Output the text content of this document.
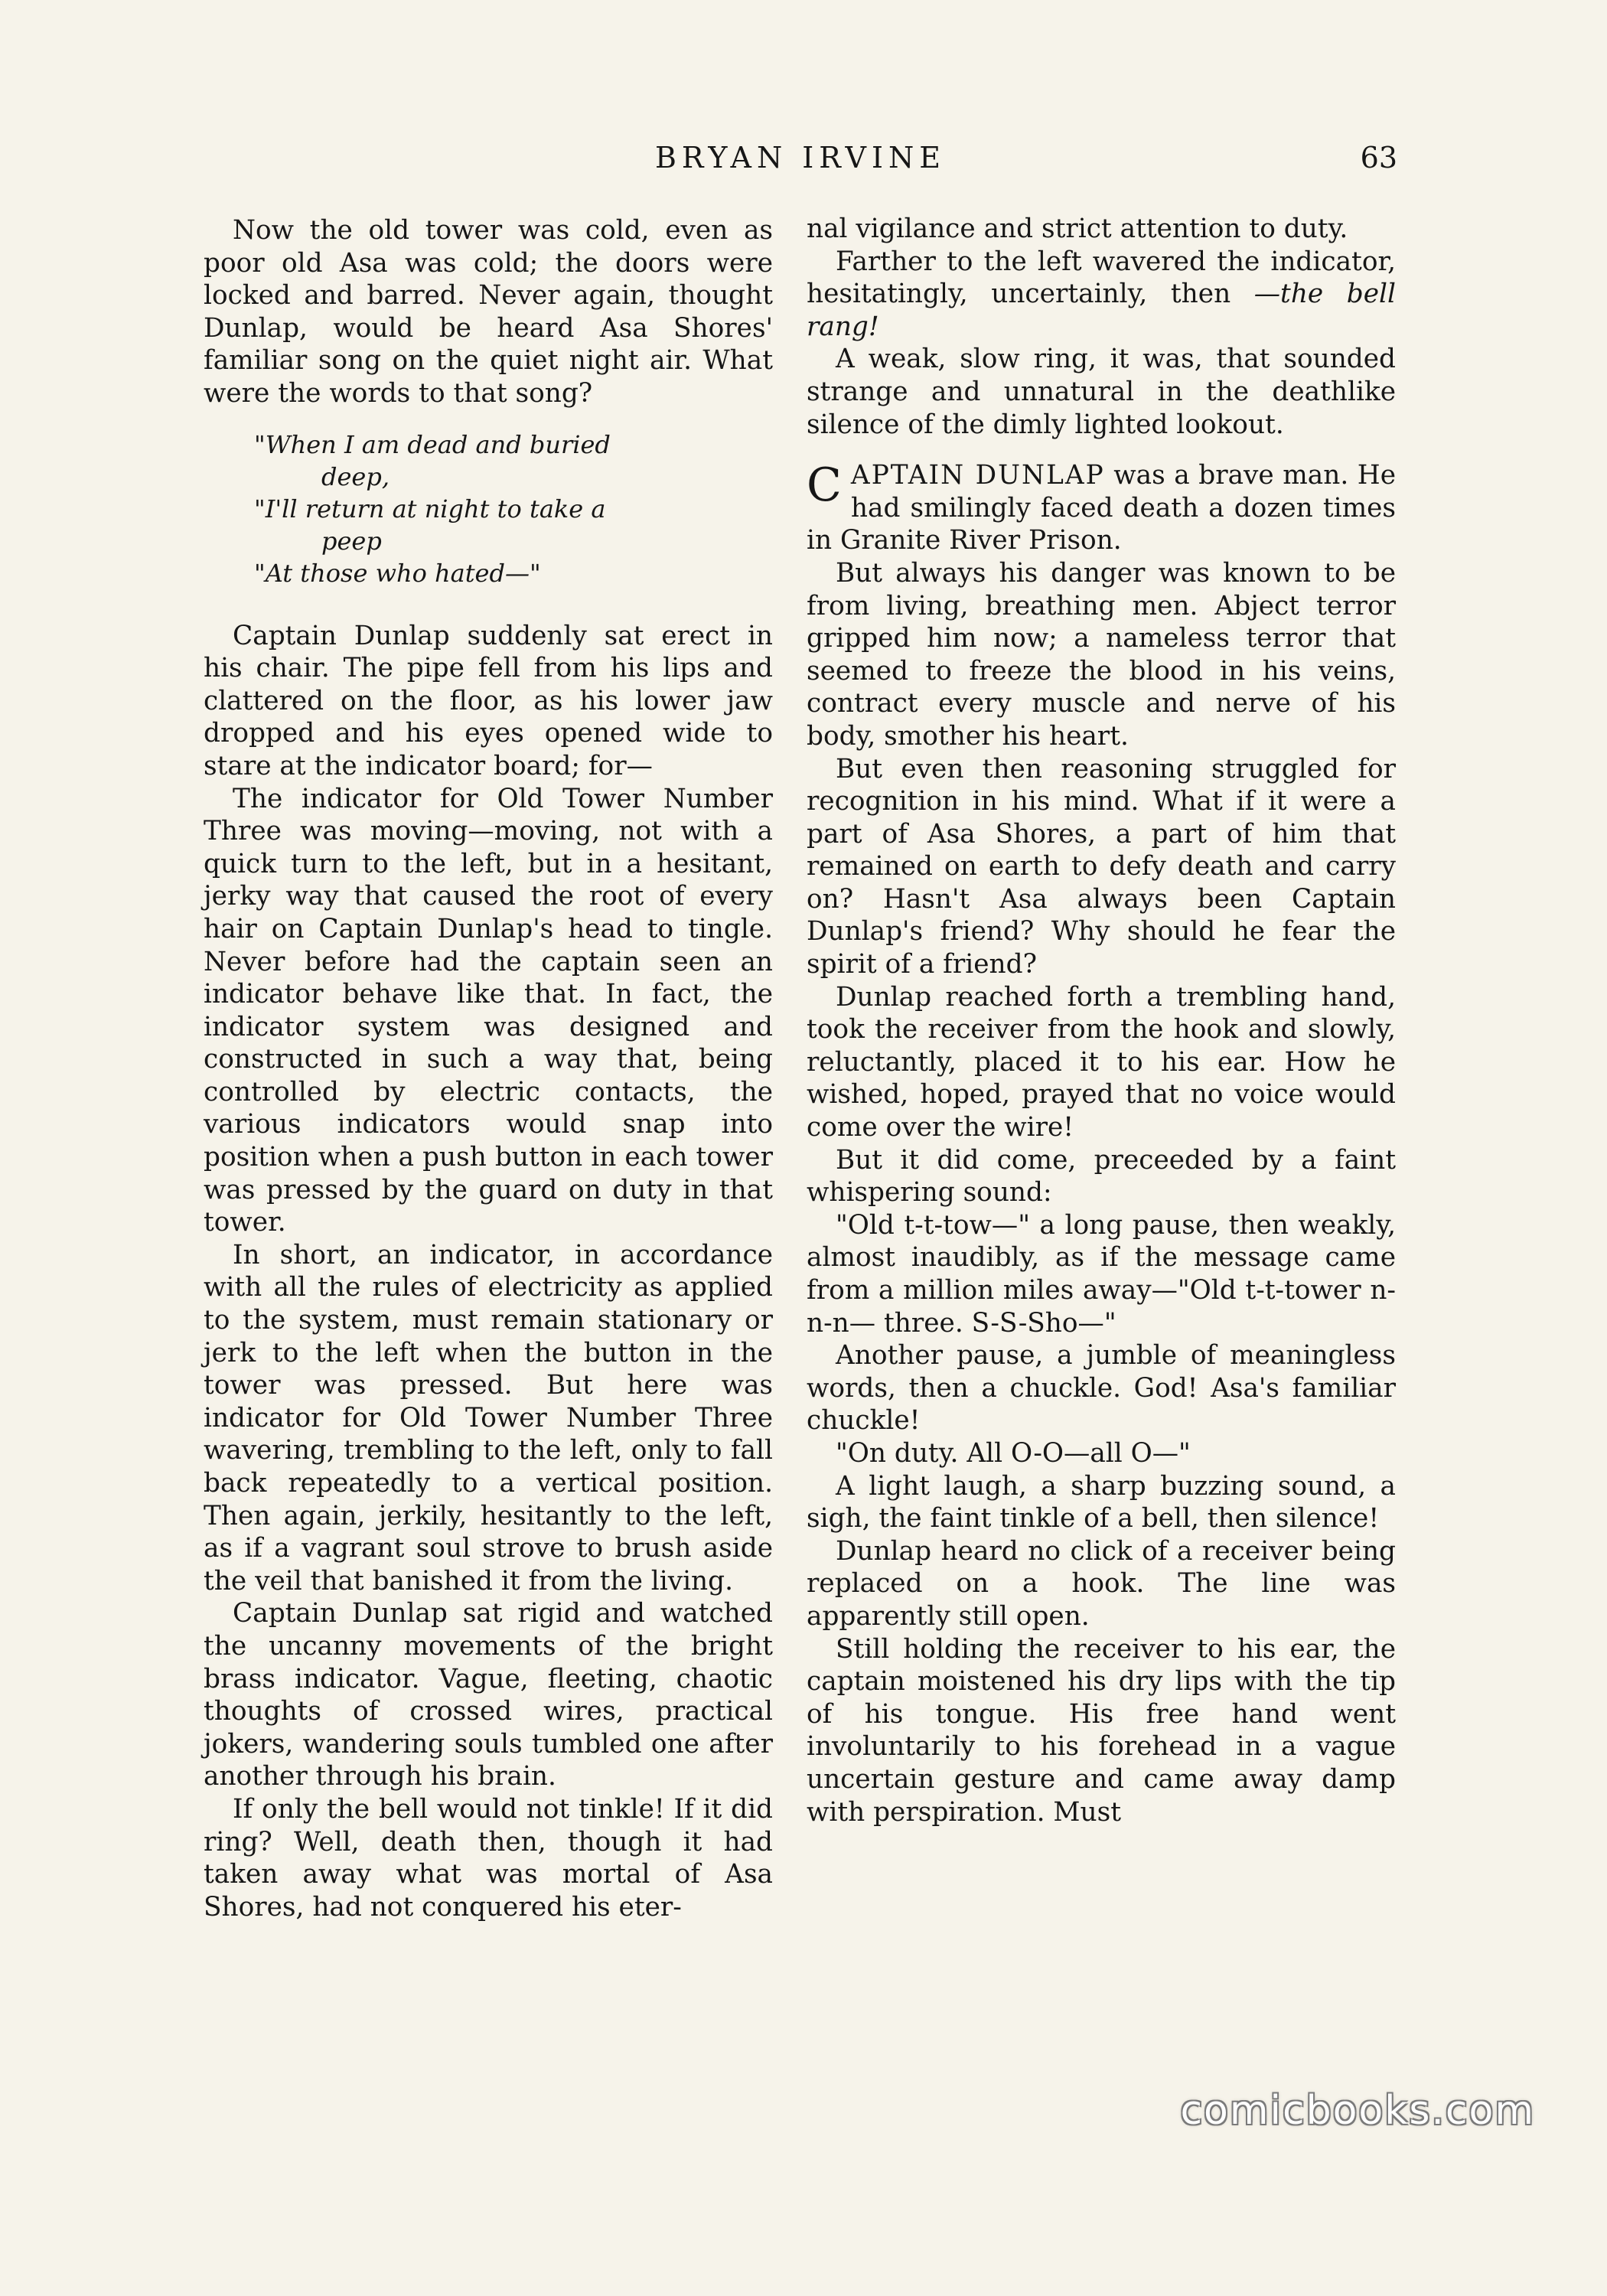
BRYAN IRVINE	63

Now the old tower was cold, even as poor old Asa was cold; the doors were locked and barred. Never again, thought Dunlap, would be heard Asa Shores' familiar song on the quiet night air. What were the words to that song?

"When I am dead and buried
deep,
"I'll return at night to take a
peep
"At those who hated—"

Captain Dunlap suddenly sat erect in his chair. The pipe fell from his lips and clattered on the floor, as his lower jaw dropped and his eyes opened wide to stare at the indicator board; for—

The indicator for Old Tower Number Three was moving—moving, not with a quick turn to the left, but in a hesitant, jerky way that caused the root of every hair on Captain Dunlap's head to tingle. Never before had the captain seen an indicator behave like that. In fact, the indicator system was designed and constructed in such a way that, being controlled by electric contacts, the various indicators would snap into position when a push button in each tower was pressed by the guard on duty in that tower.

In short, an indicator, in accordance with all the rules of electricity as applied to the system, must remain stationary or jerk to the left when the button in the tower was pressed. But here was indicator for Old Tower Number Three wavering, trembling to the left, only to fall back repeatedly to a vertical position. Then again, jerkily, hesitantly to the left, as if a vagrant soul strove to brush aside the veil that banished it from the living.

Captain Dunlap sat rigid and watched the uncanny movements of the bright brass indicator. Vague, fleeting, chaotic thoughts of crossed wires, practical jokers, wandering souls tumbled one after another through his brain.

If only the bell would not tinkle! If it did ring? Well, death then, though it had taken away what was mortal of Asa Shores, had not conquered his eter-

nal vigilance and strict attention to duty.

Farther to the left wavered the indicator, hesitatingly, uncertainly, then —the bell rang!

A weak, slow ring, it was, that sounded strange and unnatural in the deathlike silence of the dimly lighted lookout.

CAPTAIN DUNLAP was a brave man. He had smilingly faced death a dozen times in Granite River Prison.

But always his danger was known to be from living, breathing men. Abject terror gripped him now; a nameless terror that seemed to freeze the blood in his veins, contract every muscle and nerve of his body, smother his heart.

But even then reasoning struggled for recognition in his mind. What if it were a part of Asa Shores, a part of him that remained on earth to defy death and carry on? Hasn't Asa always been Captain Dunlap's friend? Why should he fear the spirit of a friend?

Dunlap reached forth a trembling hand, took the receiver from the hook and slowly, reluctantly, placed it to his ear. How he wished, hoped, prayed that no voice would come over the wire!

But it did come, preceeded by a faint whispering sound:

"Old t-t-tow—" a long pause, then weakly, almost inaudibly, as if the message came from a million miles away—"Old t-t-tower n-n-n— three. S-S-Sho—"

Another pause, a jumble of meaningless words, then a chuckle. God! Asa's familiar chuckle!

"On duty. All O-O—all O—"

A light laugh, a sharp buzzing sound, a sigh, the faint tinkle of a bell, then silence!

Dunlap heard no click of a receiver being replaced on a hook. The line was apparently still open.

Still holding the receiver to his ear, the captain moistened his dry lips with the tip of his tongue. His free hand went involuntarily to his forehead in a vague uncertain gesture and came away damp with perspiration. Must

comicbooks.com
